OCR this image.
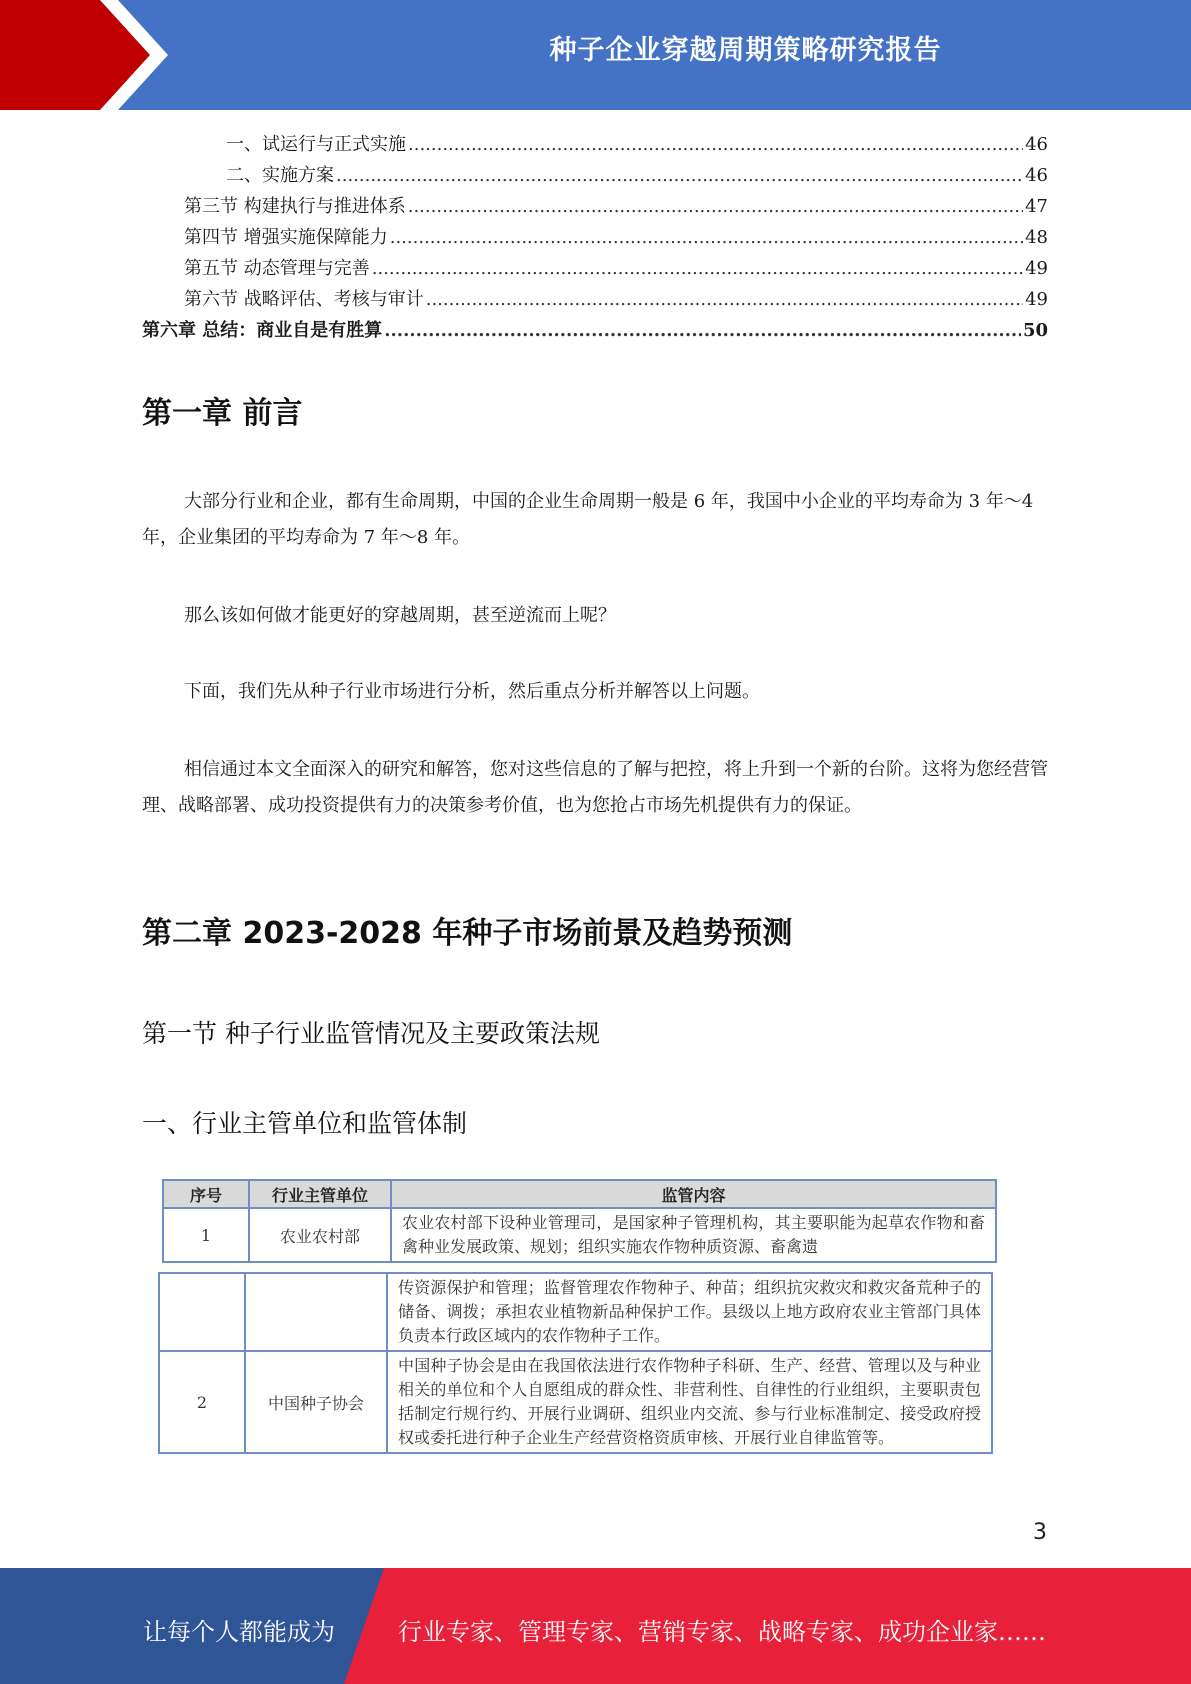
种子企业穿越周期策略研究报告
一、试运行与正式实施 .....	46
二、实施方案 .....	46
第三节 构建执行与推进体系 .....	47
第四节 增强实施保障能力 .....	48
第五节 动态管理与完善 .....	49
第六节 战略评估、考核与审计 .....	49
第六章 总结：商业自是有胜算 .....	50
第一章 前言
大部分行业和企业，都有生命周期，中国的企业生命周期一般是 6 年，我国中小企业的平均寿命为 3 年～4 年，企业集团的平均寿命为 7 年～8 年。
那么该如何做才能更好的穿越周期，甚至逆流而上呢？
下面，我们先从种子行业市场进行分析，然后重点分析并解答以上问题。
相信通过本文全面深入的研究和解答，您对这些信息的了解与把控，将上升到一个新的台阶。这将为您经营管理、战略部署、成功投资提供有力的决策参考价值，也为您抢占市场先机提供有力的保证。
第二章 2023-2028 年种子市场前景及趋势预测
第一节 种子行业监管情况及主要政策法规
一、行业主管单位和监管体制
序号	行业主管单位	监管内容
1	农业农村部	农业农村部下设种业管理司，是国家种子管理机构，其主要职能为起草农作物和畜禽种业发展政策、规划；组织实施农作物种质资源、畜禽遗
		传资源保护和管理；监督管理农作物种子、种苗；组织抗灾救灾和救灾备荒种子的储备、调拨；承担农业植物新品种保护工作。县级以上地方政府农业主管部门具体负责本行政区域内的农作物种子工作。
2	中国种子协会	中国种子协会是由在我国依法进行农作物种子科研、生产、经营、管理以及与种业相关的单位和个人自愿组成的群众性、非营利性、自律性的行业组织，主要职责包括制定行规行约、开展行业调研、组织业内交流、参与行业标准制定、接受政府授权或委托进行种子企业生产经营资格资质审核、开展行业自律监管等。
3
让每个人都能成为	行业专家、管理专家、营销专家、战略专家、成功企业家……
